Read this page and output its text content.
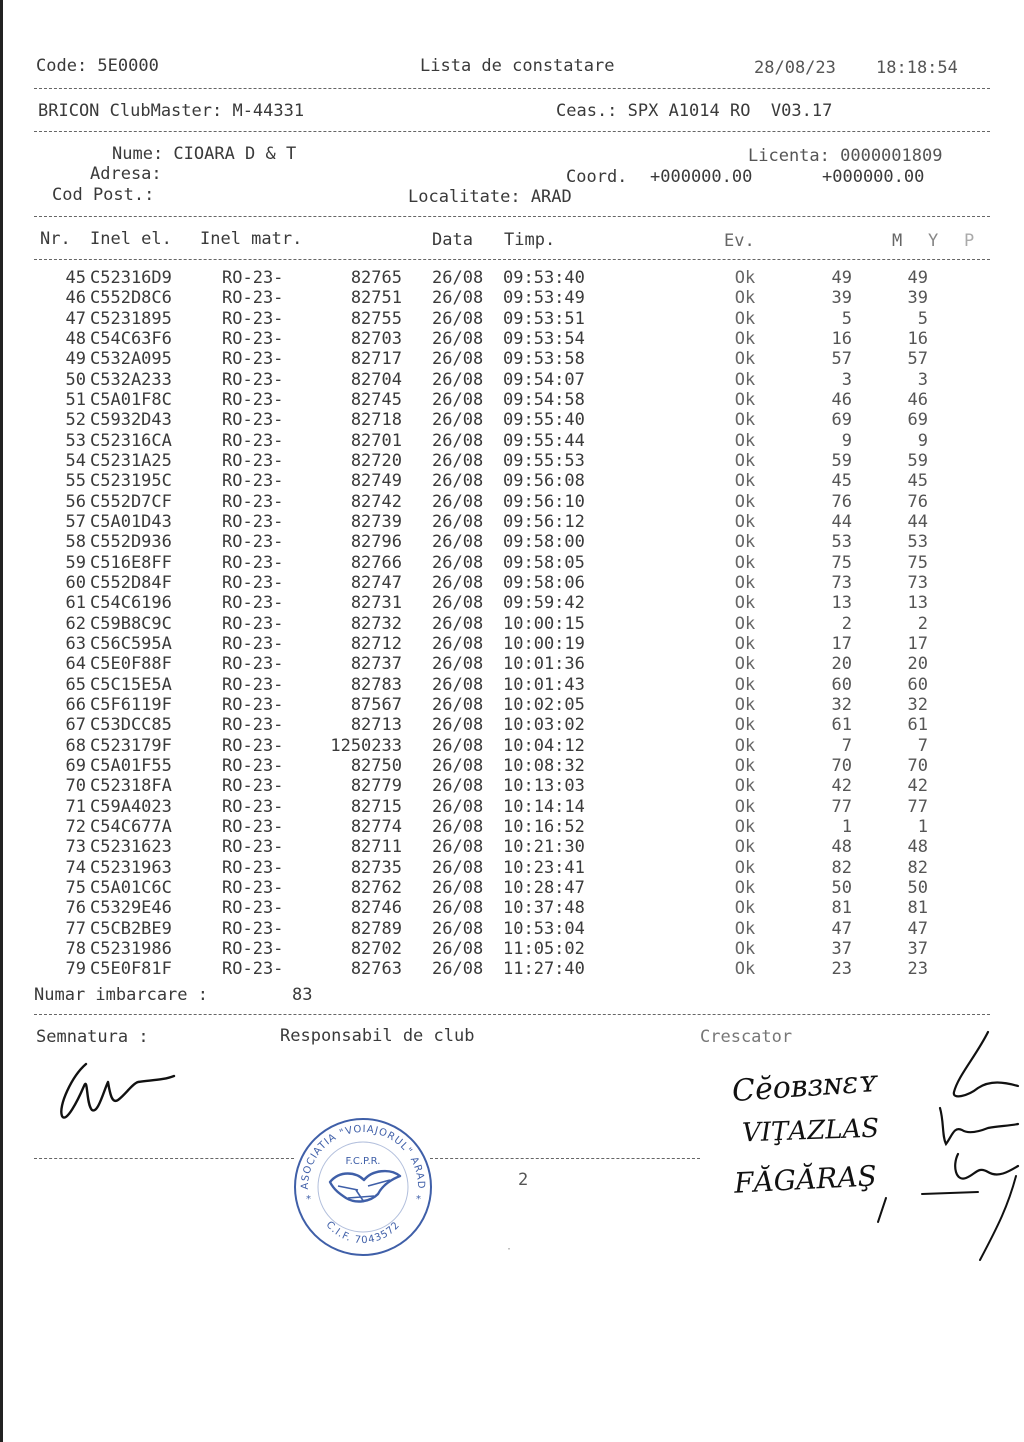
Code: 5E0000	Lista de constatare	28/08/23 18:18:54
BRICON ClubMaster: M-44331	Ceas.: SPX A1014 RO  V03.17
Nume: CIOARA D & T	Licenta: 0000001809
Adresa:	Coord. +000000.00	+000000.00
Cod Post.:	Localitate: ARAD
Nr. Inel el. Inel matr.	Data Timp.	Ev.	M Y P
45 C52316D9	RO-23-	82765 26/08 09:53:40	Ok	49	49
46 C552D8C6	RO-23-	82751 26/08 09:53:49	Ok	39	39
47 C5231895	RO-23-	82755 26/08 09:53:51	Ok	5	5
48 C54C63F6	RO-23-	82703 26/08 09:53:54	Ok	16	16
49 C532A095	RO-23-	82717 26/08 09:53:58	Ok	57	57
50 C532A233	RO-23-	82704 26/08 09:54:07	Ok	3	3
51 C5A01F8C	RO-23-	82745 26/08 09:54:58	Ok	46	46
52 C5932D43	RO-23-	82718 26/08 09:55:40	Ok	69	69
53 C52316CA	RO-23-	82701 26/08 09:55:44	Ok	9	9
54 C5231A25	RO-23-	82720 26/08 09:55:53	Ok	59	59
55 C523195C	RO-23-	82749 26/08 09:56:08	Ok	45	45
56 C552D7CF	RO-23-	82742 26/08 09:56:10	Ok	76	76
57 C5A01D43	RO-23-	82739 26/08 09:56:12	Ok	44	44
58 C552D936	RO-23-	82796 26/08 09:58:00	Ok	53	53
59 C516E8FF	RO-23-	82766 26/08 09:58:05	Ok	75	75
60 C552D84F	RO-23-	82747 26/08 09:58:06	Ok	73	73
61 C54C6196	RO-23-	82731 26/08 09:59:42	Ok	13	13
62 C59B8C9C	RO-23-	82732 26/08 10:00:15	Ok	2	2
63 C56C595A	RO-23-	82712 26/08 10:00:19	Ok	17	17
64 C5E0F88F	RO-23-	82737 26/08 10:01:36	Ok	20	20
65 C5C15E5A	RO-23-	82783 26/08 10:01:43	Ok	60	60
66 C5F6119F	RO-23-	87567 26/08 10:02:05	Ok	32	32
67 C53DCC85	RO-23-	82713 26/08 10:03:02	Ok	61	61
68 C523179F	RO-23-	1250233 26/08 10:04:12	Ok	7	7
69 C5A01F55	RO-23-	82750 26/08 10:08:32	Ok	70	70
70 C52318FA	RO-23-	82779 26/08 10:13:03	Ok	42	42
71 C59A4023	RO-23-	82715 26/08 10:14:14	Ok	77	77
72 C54C677A	RO-23-	82774 26/08 10:16:52	Ok	1	1
73 C5231623	RO-23-	82711 26/08 10:21:30	Ok	48	48
74 C5231963	RO-23-	82735 26/08 10:23:41	Ok	82	82
75 C5A01C6C	RO-23-	82762 26/08 10:28:47	Ok	50	50
76 C5329E46	RO-23-	82746 26/08 10:37:48	Ok	81	81
77 C5CB2BE9	RO-23-	82789 26/08 10:53:04	Ok	47	47
78 C5231986	RO-23-	82702 26/08 11:05:02	Ok	37	37
79 C5E0F81F	RO-23-	82763 26/08 11:27:40	Ok	23	23
Numar imbarcare :	83
Semnatura :	Responsabil de club	Crescator
2
·
ASOCIATIA "VOIAJORUL" ARAD
F.C.P.R.
*	*
C.I.F. 7043572
Cĕoʙɜɴɛʏ
VIŢAZLAS
FĂGĂRAŞ
